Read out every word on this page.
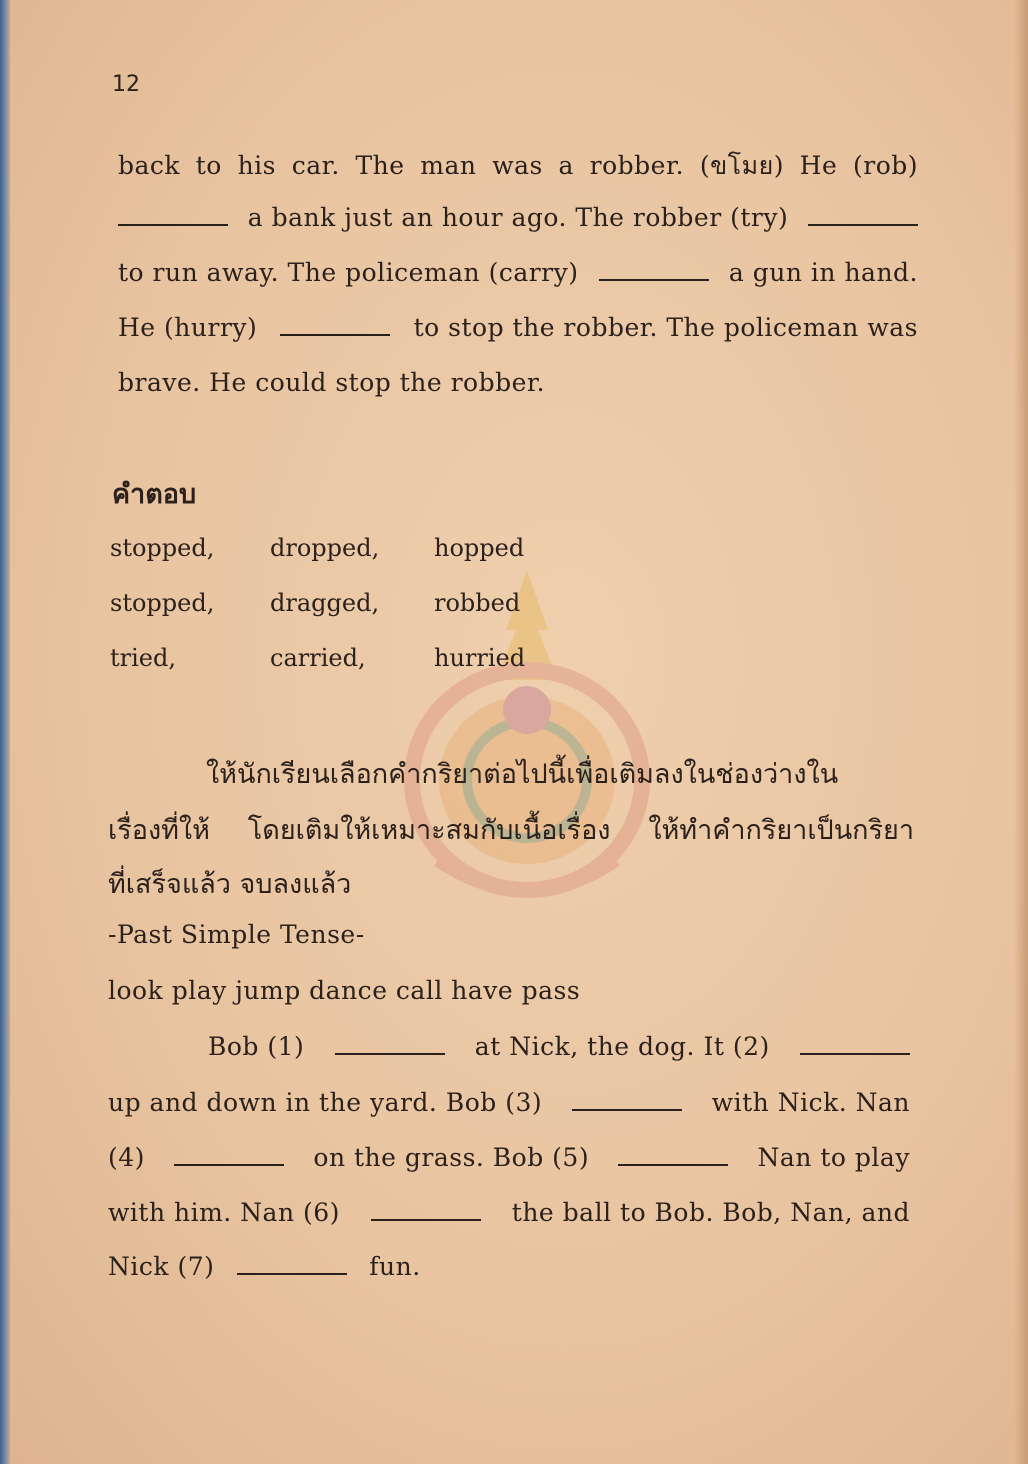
12
back to his car. The man was a robber. (ขโมย) He (rob)
a bank just an hour ago. The robber (try)
to run away. The policeman (carry)	a gun in hand.
He (hurry)	to stop the robber. The policeman was
brave. He could stop the robber.
คำตอบ
stopped, dropped, hopped
stopped, dragged, robbed
tried,	carried,	hurried
ให้นักเรียนเลือกคำกริยาต่อไปนี้เพื่อเติมลงในช่องว่างใน
เรื่องที่ให้ โดยเติมให้เหมาะสมกับเนื้อเรื่อง ให้ทำคำกริยาเป็นกริยา
ที่เสร็จแล้ว จบลงแล้ว
-Past Simple Tense-
look play jump dance call have pass
Bob (1)	at Nick, the dog. It (2)
up and down in the yard. Bob (3)	with Nick. Nan
(4)	on the grass. Bob (5)	Nan to play
with him. Nan (6)	the ball to Bob. Bob, Nan, and
Nick (7)	fun.
